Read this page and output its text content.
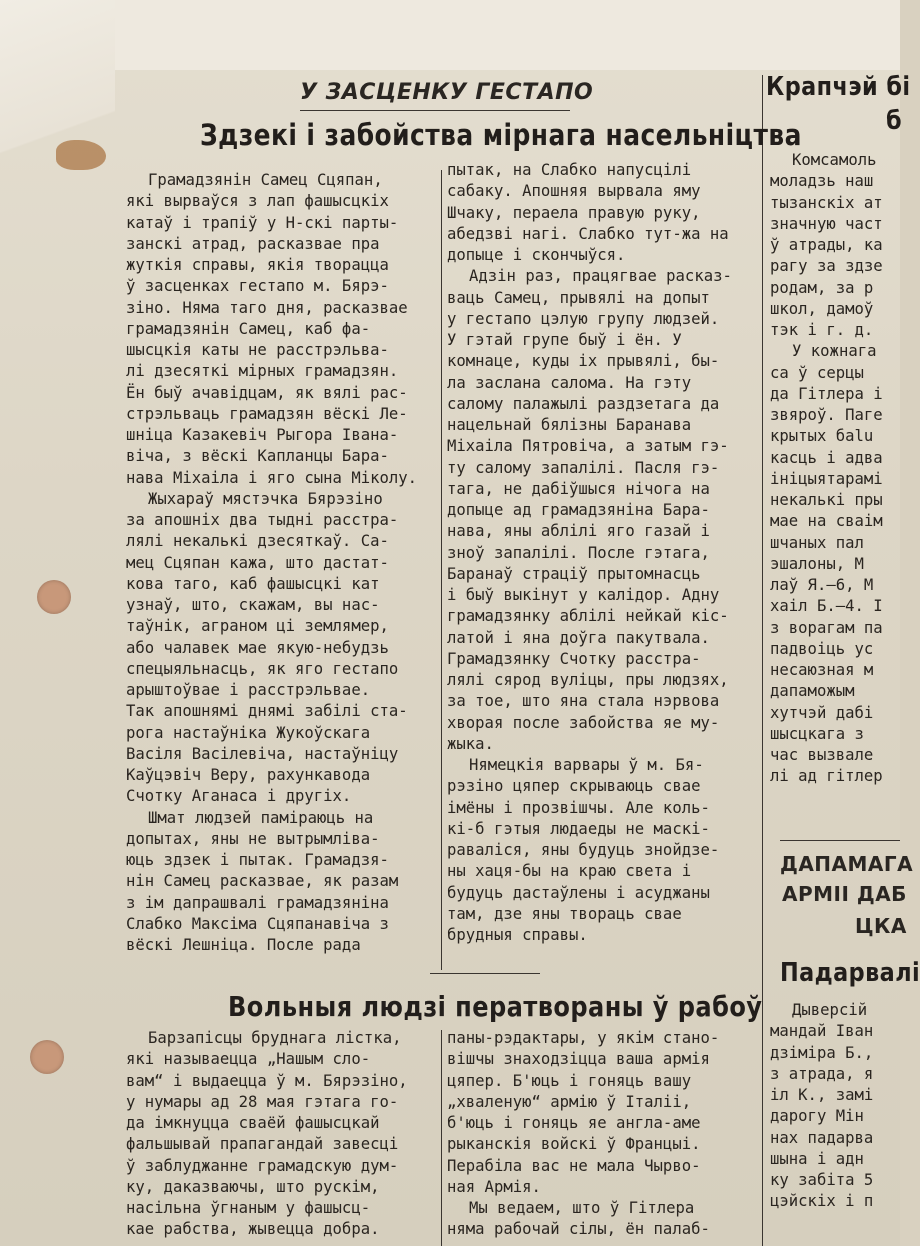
У ЗАСЦЕНКУ ГЕСТАПО
Здзекі і забойства мірнага насельніцтва
Грамадзянін Самец Сцяпан,
які вырваўся з лап фашысцкіх
катаў і трапіў у Н-скі парты-
занскі атрад, расказвае пра
жуткія справы, якія творацца
ў засценках гестапо м. Бярэ-
зіно. Няма таго дня, расказвае
грамадзянін Самец, каб фа-
шысцкія каты не расстрэльва-
лі дзесяткі мірных грамадзян.
Ён быў ачавідцам, як вялі рас-
стрэльваць грамадзян вёскі Ле-
шніца Казакевіч Рыгора Івана-
віча, з вёскі Капланцы Бара-
нава Міхаіла і яго сына Міколу.
Жыхараў мястэчка Бярэзіно
за апошніх два тыдні расстра-
лялі некалькі дзесяткаў. Са-
мец Сцяпан кажа, што дастат-
кова таго, каб фашысцкі кат
узнаў, што, скажам, вы нас-
таўнік, аграном ці землямер,
або чалавек мае якую-небудзь
спецыяльнасць, як яго гестапо
арыштоўвае і расстрэльвае.
Так апошнямі днямі забілі ста-
рога настаўніка Жукоўскага
Васіля Васілевіча, настаўніцу
Каўцэвіч Веру, рахункавода
Счотку Аганаса і другіх.
Шмат людзей паміраюць на
допытах, яны не вытрымліва-
юць здзек і пытак. Грамадзя-
нін Самец расказвае, як разам
з ім дапрашвалі грамадзяніна
Слабко Максіма Сцяпанавіча з
вёскі Лешніца. После рада
пытак, на Слабко напусцілі
сабаку. Апошняя вырвала яму
Шчаку, пераела правую руку,
абедзві нагі. Слабко тут-жа на
допыце і скончыўся.
Адзін раз, працягвае расказ-
ваць Самец, прывялі на допыт
у гестапо цэлую групу людзей.
У гэтай групе быў і ён. У
комнаце, куды іх прывялі, бы-
ла заслана салома. На гэту
салому палажылі раздзетага да
нацельнай бялізны Баранава
Міхаіла Пятровіча, а затым гэ-
ту салому запалілі. Пасля гэ-
тага, не дабіўшыся нічога на
допыце ад грамадзяніна Бара-
нава, яны аблілі яго газай і
зноў запалілі. После гэтага,
Баранаў страціў прытомнасць
і быў выкінут у калідор. Адну
грамадзянку аблілі нейкай кіс-
латой і яна доўга пакутвала.
Грамадзянку Счотку расстра-
лялі сярод вуліцы, пры людзях,
за тое, што яна стала нэрвова
хворая после забойства яе му-
жыка.
Нямецкія варвары ў м. Бя-
рэзіно цяпер скрываюць свае
імёны і прозвішчы. Але коль-
кі-б гэтыя людаеды не маскі-
раваліся, яны будуць знойдзе-
ны хаця-бы на краю света і
будуць дастаўлены і асуджаны
там, дзе яны твораць свае
брудныя справы.
Вольныя людзі ператвораны ў рабоў
Барзапісцы бруднага лістка,
які называецца „Нашым сло-
вам“ і выдаецца ў м. Бярэзіно,
у нумары ад 28 мая гэтага го-
да імкнуцца сваёй фашысцкай
фальшывай прапагандай завесці
ў заблуджанне грамадскую дум-
ку, даказваючы, што рускім,
насільна ўгнаным у фашысц-
кае рабства, жывецца добра.
паны-рэдактары, у якім стано-
вішчы знаходзіцца ваша армія
цяпер. Б'юць і гоняць вашу
„хваленую“ армію ў Італіі,
б'юць і гоняць яе англа-аме
рыканскія войскі ў Францыі.
Перабіла вас не мала Чырво-
ная Армія.
Мы ведаем, што ў Гітлера
няма рабочай сілы, ён палаб-
Крапчэй бі
б
Комсамоль
моладзь наш
тызанскіх ат
значную част
ў атрады, ка
рагу за здзе
родам, за р
школ, дамоў
тэк і г. д.
У кожнага
са ў серцы
да Гітлера і
звяроў. Паге
крытых баlu
касць і адва
ініцыятарамі
некалькі пры
мае на сваім
шчаных пал
эшалоны, М
лаў Я.—6, М
хаіл Б.—4. I
з ворагам па
падвоіць ус
несаюзная м
дапаможым
хутчэй дабі
шысцкага з
час вызвале
лі ад гітлер
ДАПАМАГА
АРМІІ ДАБ
ЦКА
Падарвалі
Дыверсій
мандай Іван
дзіміра Б.,
з атрада, я
іл К., замі
дарогу Мін
нах падарва
шына і адн
ку забіта 5
цэйскіх і п
